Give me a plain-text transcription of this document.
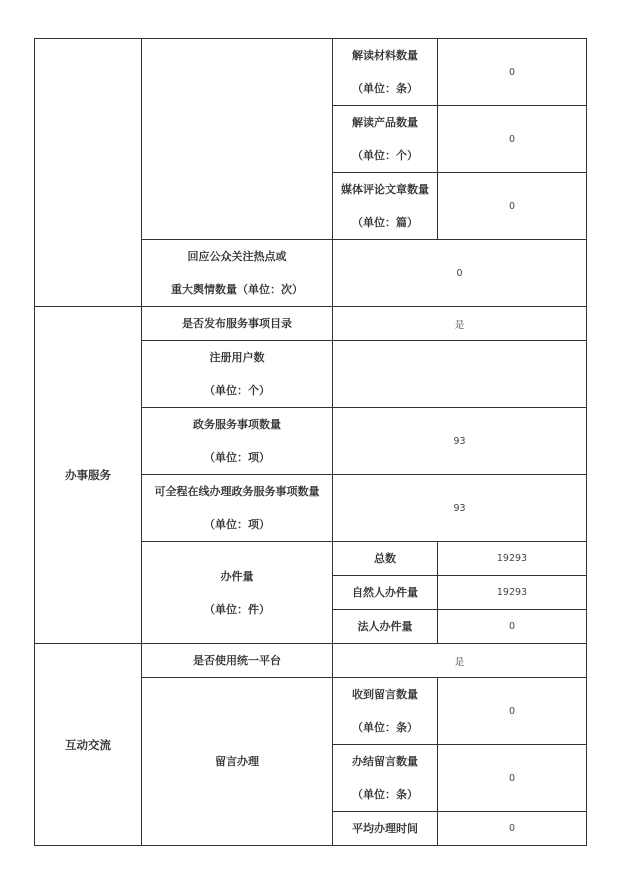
		解读材料数量
（单位：条）	0

		解读产品数量
（单位：个）	0

		媒体评论文章数量
（单位：篇）	0

	回应公众关注热点或
重大舆情数量（单位：次）	0	
办事服务	是否发布服务事项目录	是	

	注册用户数
（单位：个）		

	政务服务事项数量
（单位：项）	93	

	可全程在线办理政务服务事项数量
（单位：项）	93	

	办件量
（单位：件）	总数	19293
		自然人办件量	19293
		法人办件量	0
互动交流	是否使用统一平台	是	
	留言办理	收到留言数量
（单位：条）	0

		办结留言数量
（单位：条）	0
		平均办理时间	0
